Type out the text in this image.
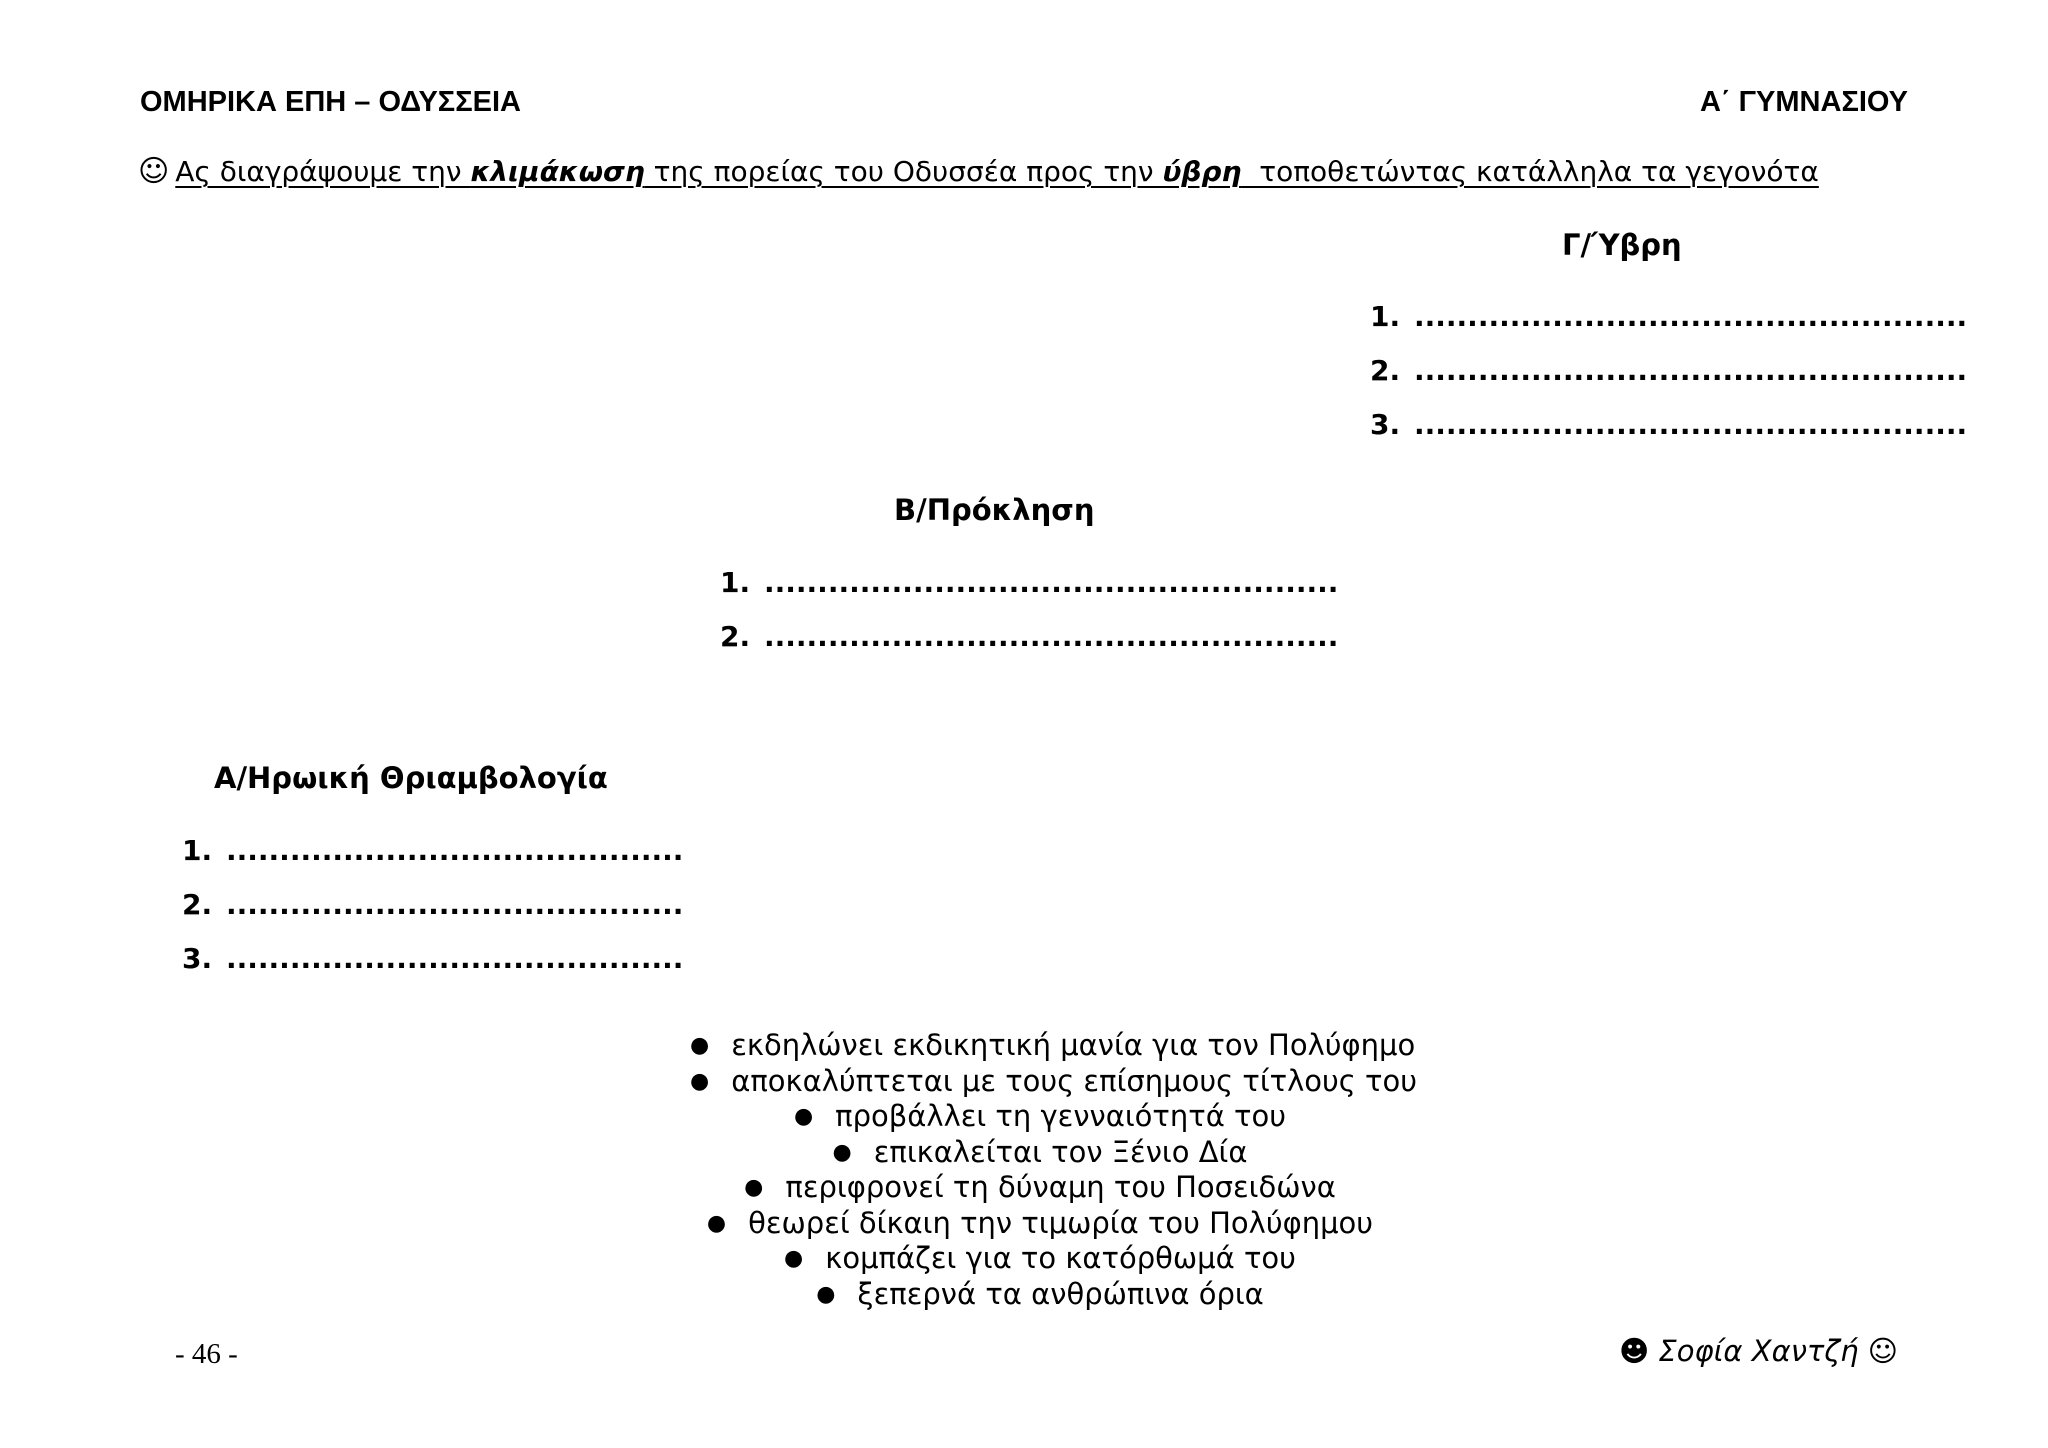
ΟΜΗΡΙΚΑ ΕΠΗ – ΟΔΥΣΣΕΙΑ	Α΄ ΓΥΜΝΑΣΙΟΥ
☺ Ας διαγράψουμε την κλιμάκωση της πορείας του Οδυσσέα προς την ύβρη  τοποθετώντας κατάλληλα τα γεγονότα
Γ/Ύβρη
1. ....................................................
2. ....................................................
3. ....................................................
Β/Πρόκληση
1. ......................................................
2. ......................................................
Α/Ηρωική Θριαμβολογία
1. ...........................................
2. ...........................................
3. ...........................................
● εκδηλώνει εκδικητική μανία για τον Πολύφημο
● αποκαλύπτεται με τους επίσημους τίτλους του
● προβάλλει τη γενναιότητά του
● επικαλείται τον Ξένιο Δία
● περιφρονεί τη δύναμη του Ποσειδώνα
● θεωρεί δίκαιη την τιμωρία του Πολύφημου
● κομπάζει για το κατόρθωμά του
● ξεπερνά τα ανθρώπινα όρια
- 46 -	☻ Σοφία Χαντζή ☺
